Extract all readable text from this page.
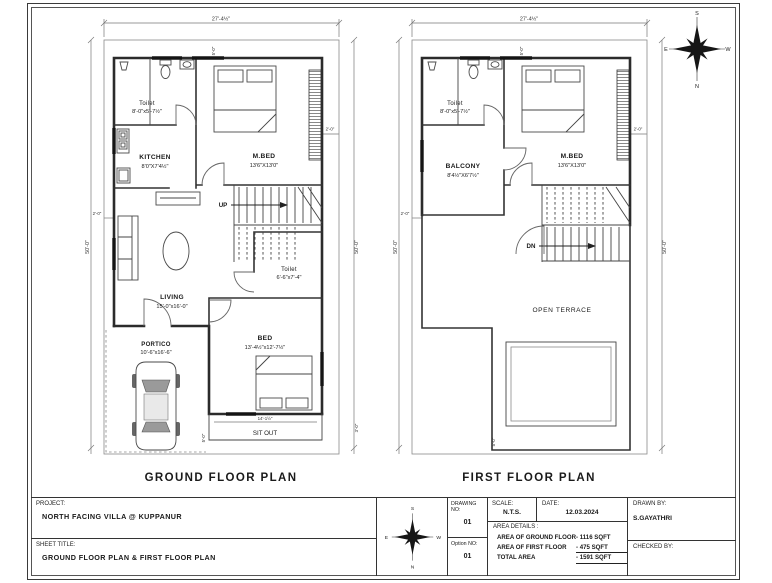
27'-4½"
50'-0"	50'-0"
5'-0"
2'-0"
2'-0"
5'-0"
3'-0"
UP
14'-1½"
SIT OUT
Toilet
8'-0"x5'-7½"
KITCHEN
8'0"X7'4½"
M.BED
13'6"X13'0"
LIVING
15'-0"x16'-0"
Toilet
6'-6"x7'-4"
BED
13'-4½"x12'-7½"
PORTICO
10'-6"x16'-6"
GROUND FLOOR PLAN
27'-4½"
50'-0"	50'-0"
5'-0"
2'-0"
2'-0"
5'-0"
DN
Toilet
8'-0"x5'-7½"
BALCONY
8'4½"X6'7½"
M.BED
13'6"X13'0"
OPEN TERRACE
FIRST FLOOR PLAN
S
N
E	W
PROJECT:
NORTH FACING VILLA @ KUPPANUR
SHEET TITLE:
GROUND FLOOR PLAN & FIRST FLOOR PLAN
S
N
E	W
DRAWING NO:
01
Option NO:
01
SCALE:
N.T.S.
DATE:
12.03.2024
AREA DETAILS :
AREA OF GROUND FLOOR - 1116 SQFT
AREA OF FIRST FLOOR	- 475 SQFT
TOTAL AREA	- 1591 SQFT
DRAWN BY:
S.GAYATHRI
CHECKED BY:
